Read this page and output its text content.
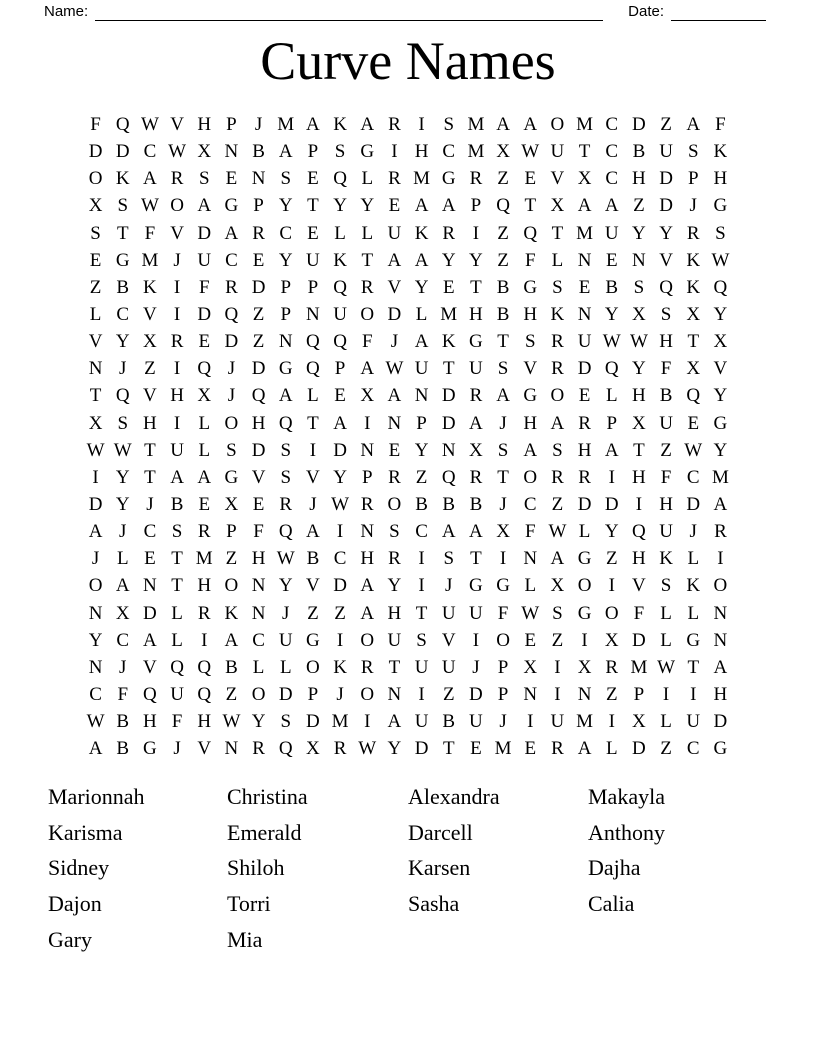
Name:	Date:
Curve Names
F Q W V H P J M A K A R I S M A A O M C D Z A F
D D C W X N B A P S G I H C M X W U T C B U S K
O K A R S E N S E Q L R M G R Z E V X C H D P H
X S W O A G P Y T Y Y E A A P Q T X A A Z D J G
S T F V D A R C E L L U K R I Z Q T M U Y Y R S
E G M J U C E Y U K T A A Y Y Z F L N E N V K W
Z B K I F R D P P Q R V Y E T B G S E B S Q K Q
L C V I D Q Z P N U O D L M H B H K N Y X S X Y
V Y X R E D Z N Q Q F J A K G T S R U W W H T X
N J Z I Q J D G Q P A W U T U S V R D Q Y F X V
T Q V H X J Q A L E X A N D R A G O E L H B Q Y
X S H I L O H Q T A I N P D A J H A R P X U E G
W W T U L S D S I D N E Y N X S A S H A T Z W Y
I Y T A A G V S V Y P R Z Q R T O R R I H F C M
D Y J B E X E R J W R O B B B J C Z D D I H D A
A J C S R P F Q A I N S C A A X F W L Y Q U J R
J L E T M Z H W B C H R I S T I N A G Z H K L I
O A N T H O N Y V D A Y I	J G G L X O I V S K O
N X D L R K N J Z Z A H T U U F W S G O F L L N
Y C A L I A C U G I O U S V I O E Z I X D L G N
N J V Q Q B L L O K R T U U J P X I X R M W T A
C F Q U Q Z O D P J O N I Z D P N I N Z P I	I H
W B H F H W Y S D M I A U B U J	I U M I X L U D
A B G J V N R Q X R W Y D T E M E R A L D Z C G
Marionnah
Karisma
Sidney
Dajon
Gary
Christina
Emerald
Shiloh
Torri
Mia
Alexandra
Darcell
Karsen
Sasha
Makayla
Anthony
Dajha
Calia
